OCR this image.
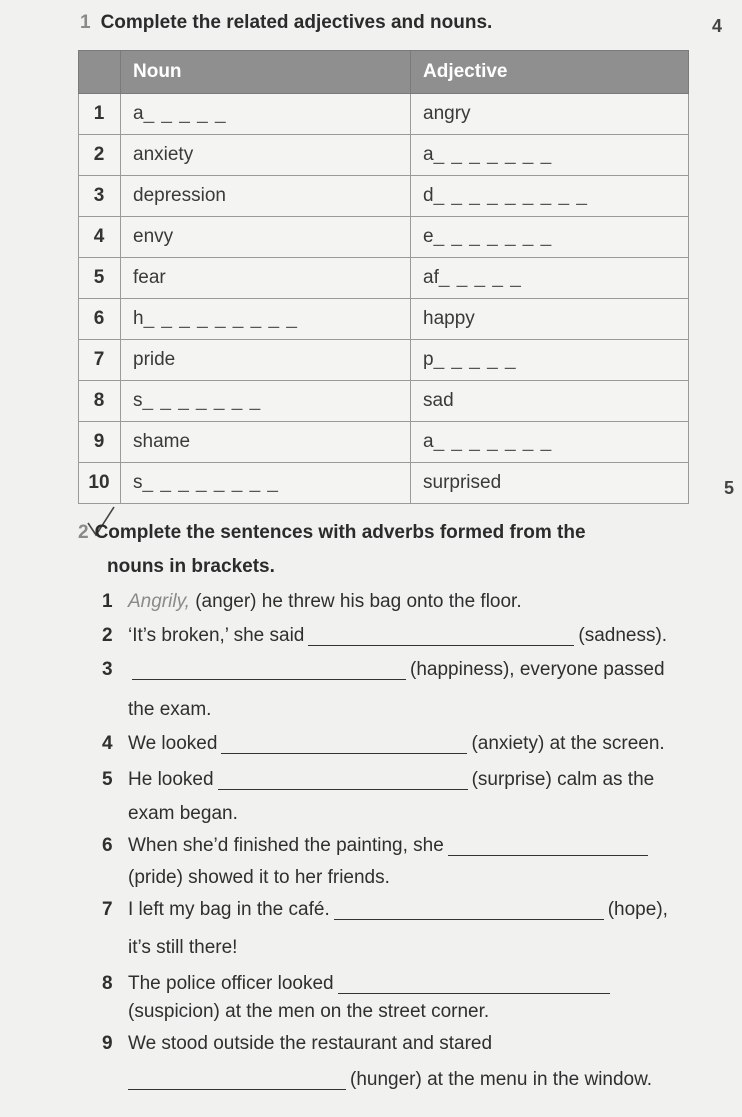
1 Complete the related adjectives and nouns.	4
	Noun	Adjective
1	a_ _ _ _ _	angry
2	anxiety	a_ _ _ _ _ _ _
3	depression	d_ _ _ _ _ _ _ _ _
4	envy	e_ _ _ _ _ _ _
5	fear	af_ _ _ _ _
6	h_ _ _ _ _ _ _ _ _	happy
7	pride	p_ _ _ _ _
8	s_ _ _ _ _ _ _	sad
9	shame	a_ _ _ _ _ _ _
10	s_ _ _ _ _ _ _ _	surprised	5
2 Complete the sentences with adverbs formed from the
nouns in brackets.
1 Angrily, (anger) he threw his bag onto the floor.
2 ‘It’s broken,’ she said	(sadness).
3	(happiness), everyone passed
the exam.
4 We looked	(anxiety) at the screen.
5 He looked	(surprise) calm as the
exam began.
6 When she’d finished the painting, she
(pride) showed it to her friends.
7 I left my bag in the café.	(hope),
it’s still there!
8 The police officer looked
(suspicion) at the men on the street corner.
9 We stood outside the restaurant and stared
(hunger) at the menu in the window.
